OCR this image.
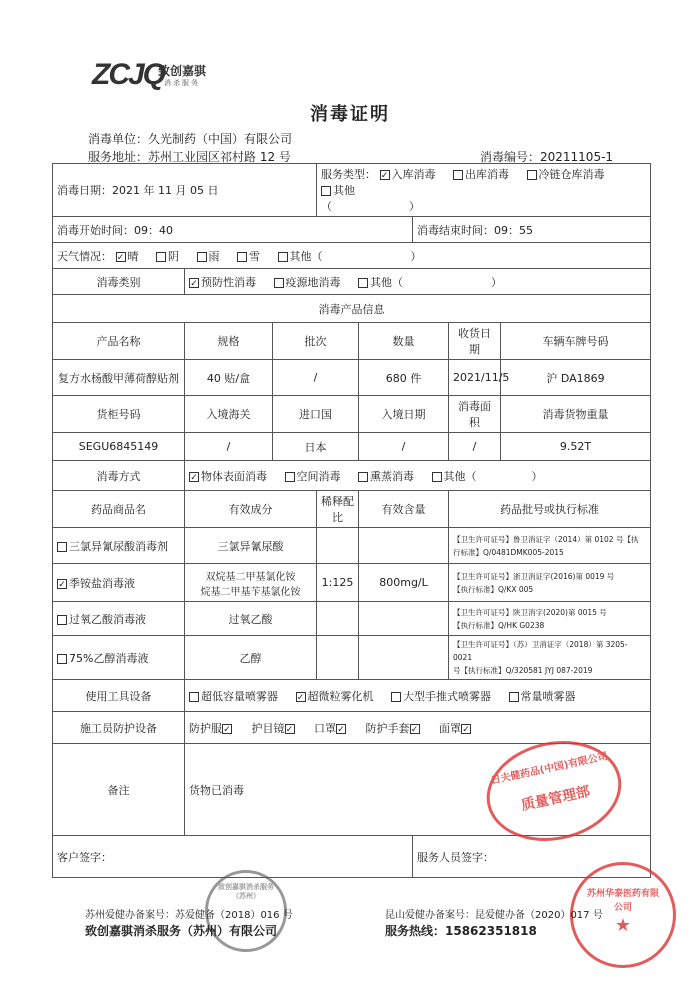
ZCJQ
致创嘉骐
消杀服务
消毒证明
消毒单位：久光制药（中国）有限公司
服务地址：苏州工业园区祁村路 12 号	消毒编号：20211105-1
消毒日期：2021 年 11 月 05 日			服务类型： ✓ 入库消毒 出库消毒 冷链仓库消毒 其他
（　　　　　　　）				
消毒开始时间：09：40					消毒结束时间：09：55		
天气情况： ✓ 晴 阴 雨 雪 其他（　　　　　　　　）							
消毒类别	✓ 预防性消毒 疫源地消毒 其他（　　　　　　　　）						
消毒产品信息							
产品名称	规格	批次		数量		收货日期	车辆车牌号码
复方水杨酸甲薄荷醇贴剂	40 贴/盒	/		680 件		2021/11/5	沪 DA1869
货柜号码	入境海关	进口国		入境日期		消毒面积	消毒货物重量
SEGU6845149	/	日本		/		/	9.52T
消毒方式	✓ 物体表面消毒 空间消毒 熏蒸消毒 其他（　　　　　）						
药品商品名	有效成分		稀释配比	有效含量		药品批号或执行标准	
三氯异氰尿酸消毒剂	三氯异氰尿酸					【卫生许可证号】鲁卫消证字（2014）第 0102 号【执
行标准】Q/0481DMK005-2015	
✓ 季铵盐消毒液	双烷基二甲基氯化铵
烷基二甲基苄基氯化铵		1:125	800mg/L		【卫生许可证号】浙卫消证字(2016)第 0019 号
【执行标准】Q/KX 005	
过氧乙酸消毒液	过氧乙酸					【卫生许可证号】陕卫消字(2020)第 0015 号
【执行标准】Q/HK G0238	
75%乙醇消毒液	乙醇					【卫生许可证号】（苏）卫消证字（2018）第 3205-0021
号【执行标准】Q/320581 JYJ 087-2019	
使用工具设备	超低容量喷雾器 ✓ 超微粒雾化机 大型手推式喷雾器 常量喷雾器						
施工员防护设备	防护服✓ 护目镜✓ 口罩✓ 防护手套✓ 面罩✓						
备注	货物已消毒						
客户签字：					服务人员签字：		
日夫健药品(中国)有限公司
质量管理部
致创嘉骐消杀服务（苏州）	苏州华泰医药有限公司
★
苏州爱健办备案号：苏爱健备（2018）016 号	昆山爱健办备案号：昆爱健办备（2020）017 号
致创嘉骐消杀服务（苏州）有限公司	服务热线：15862351818
